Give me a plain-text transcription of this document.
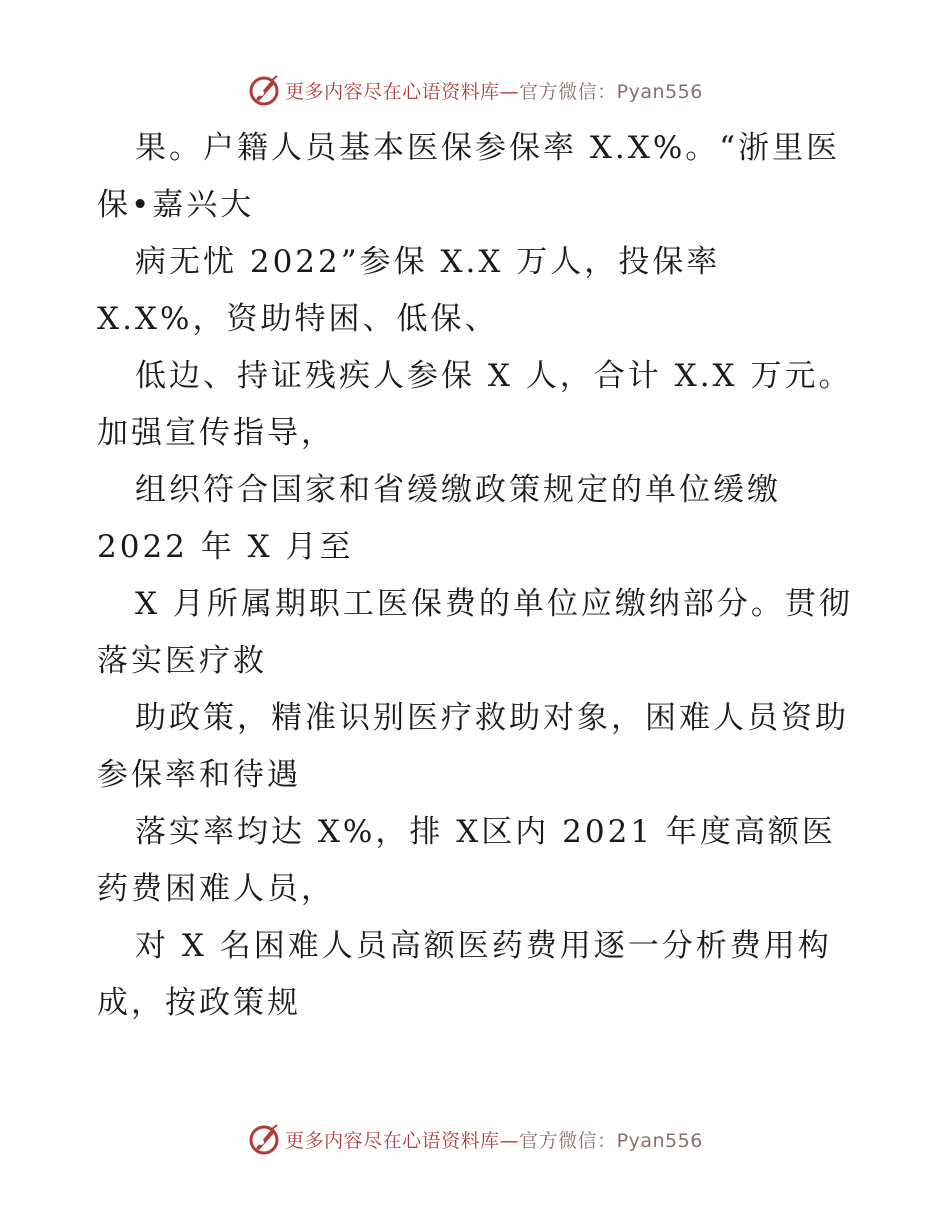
更多内容尽在心语资料库—官方微信：Pyan556

果。户籍人员基本医保参保率 X.X%。“浙里医保•嘉兴大

病无忧 2022”参保 X.X 万人，投保率 X.X%，资助特困、低保、

低边、持证残疾人参保 X 人，合计 X.X 万元。加强宣传指导，

组织符合国家和省缓缴政策规定的单位缓缴 2022 年 X 月至

X 月所属期职工医保费的单位应缴纳部分。贯彻落实医疗救

助政策，精准识别医疗救助对象，困难人员资助参保率和待遇

落实率均达 X%，排 X区内 2021 年度高额医药费困难人员，

对 X 名困难人员高额医药费用逐一分析费用构成，按政策规

更多内容尽在心语资料库—官方微信：Pyan556
